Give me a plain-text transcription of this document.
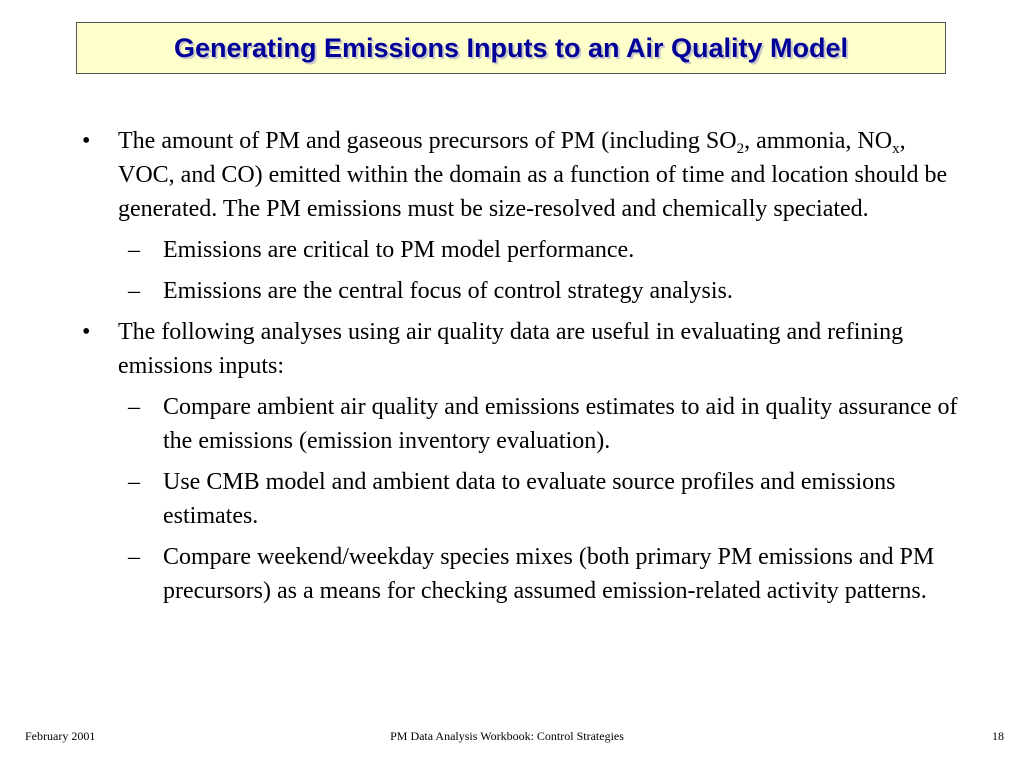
Generating Emissions Inputs to an Air Quality Model
•	The amount of PM and gaseous precursors of PM (including $SO_2$, ammonia, $NO_x$, VOC, and CO) emitted within the domain as a function of time and location should be generated. The PM emissions must be size-resolved and chemically speciated.
– Emissions are critical to PM model performance.
– Emissions are the central focus of control strategy analysis.
•	The following analyses using air quality data are useful in evaluating and refining emissions inputs:
– Compare ambient air quality and emissions estimates to aid in quality assurance of the emissions (emission inventory evaluation).
– Use CMB model and ambient data to evaluate source profiles and emissions estimates.
– Compare weekend/weekday species mixes (both primary PM emissions and PM precursors) as a means for checking assumed emission-related activity patterns.
February 2001	PM Data Analysis Workbook: Control Strategies	18
